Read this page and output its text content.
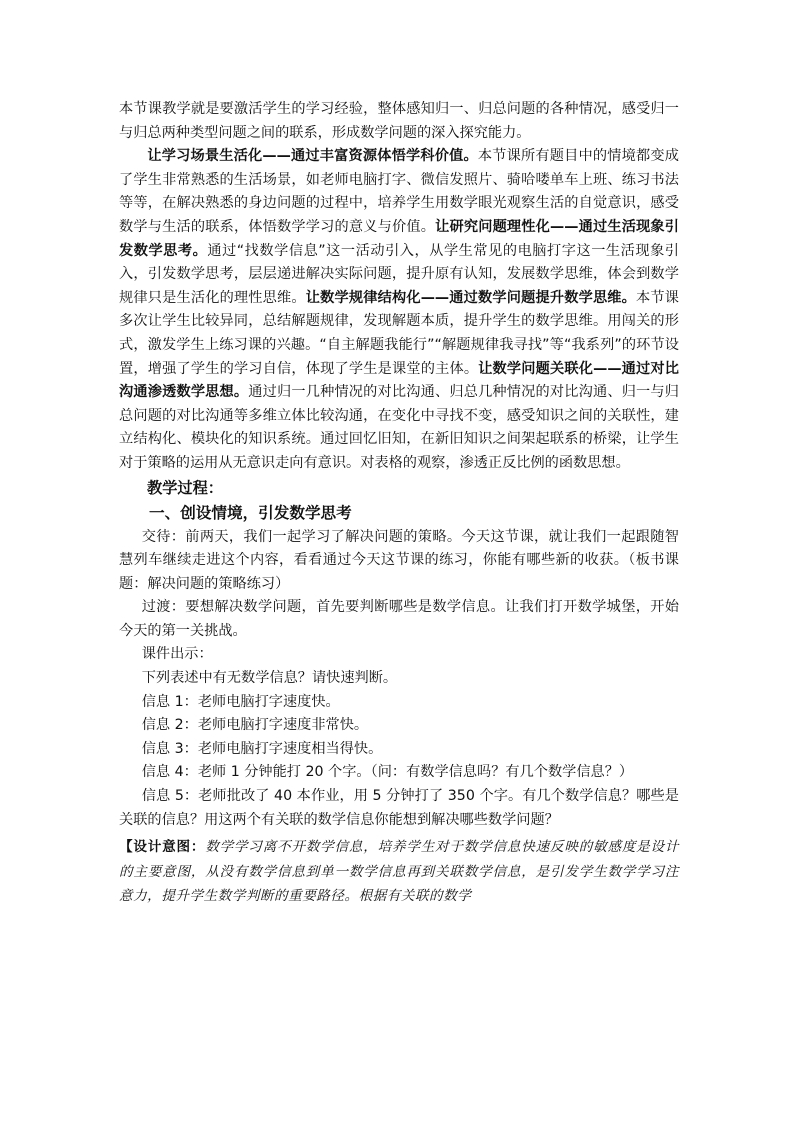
本节课教学就是要激活学生的学习经验，整体感知归一、归总问题的各种情况，感受归一与归总两种类型问题之间的联系，形成数学问题的深入探究能力。

让学习场景生活化——通过丰富资源体悟学科价值。本节课所有题目中的情境都变成了学生非常熟悉的生活场景，如老师电脑打字、微信发照片、骑哈喽单车上班、练习书法等等，在解决熟悉的身边问题的过程中，培养学生用数学眼光观察生活的自觉意识，感受数学与生活的联系，体悟数学学习的意义与价值。让研究问题理性化——通过生活现象引发数学思考。通过“找数学信息”这一活动引入，从学生常见的电脑打字这一生活现象引入，引发数学思考，层层递进解决实际问题，提升原有认知，发展数学思维，体会到数学规律只是生活化的理性思维。让数学规律结构化——通过数学问题提升数学思维。本节课多次让学生比较异同，总结解题规律，发现解题本质，提升学生的数学思维。用闯关的形式，激发学生上练习课的兴趣。“自主解题我能行”“解题规律我寻找”等“我系列”的环节设置，增强了学生的学习自信，体现了学生是课堂的主体。让数学问题关联化——通过对比沟通渗透数学思想。通过归一几种情况的对比沟通、归总几种情况的对比沟通、归一与归总问题的对比沟通等多维立体比较沟通，在变化中寻找不变，感受知识之间的关联性，建立结构化、模块化的知识系统。通过回忆旧知，在新旧知识之间架起联系的桥梁，让学生对于策略的运用从无意识走向有意识。对表格的观察，渗透正反比例的函数思想。

教学过程：

一、创设情境，引发数学思考

交待：前两天，我们一起学习了解决问题的策略。今天这节课，就让我们一起跟随智慧列车继续走进这个内容，看看通过今天这节课的练习，你能有哪些新的收获。（板书课题：解决问题的策略练习）

过渡：要想解决数学问题，首先要判断哪些是数学信息。让我们打开数学城堡，开始今天的第一关挑战。

课件出示：

下列表述中有无数学信息？请快速判断。

信息 1：老师电脑打字速度快。

信息 2：老师电脑打字速度非常快。

信息 3：老师电脑打字速度相当得快。

信息 4：老师 1 分钟能打 20 个字。（问：有数学信息吗？有几个数学信息？）

信息 5：老师批改了 40 本作业，用 5 分钟打了 350 个字。有几个数学信息？哪些是关联的信息？用这两个有关联的数学信息你能想到解决哪些数学问题？

【设计意图：数学学习离不开数学信息，培养学生对于数学信息快速反映的敏感度是设计的主要意图，从没有数学信息到单一数学信息再到关联数学信息，是引发学生数学学习注意力，提升学生数学判断的重要路径。根据有关联的数学
